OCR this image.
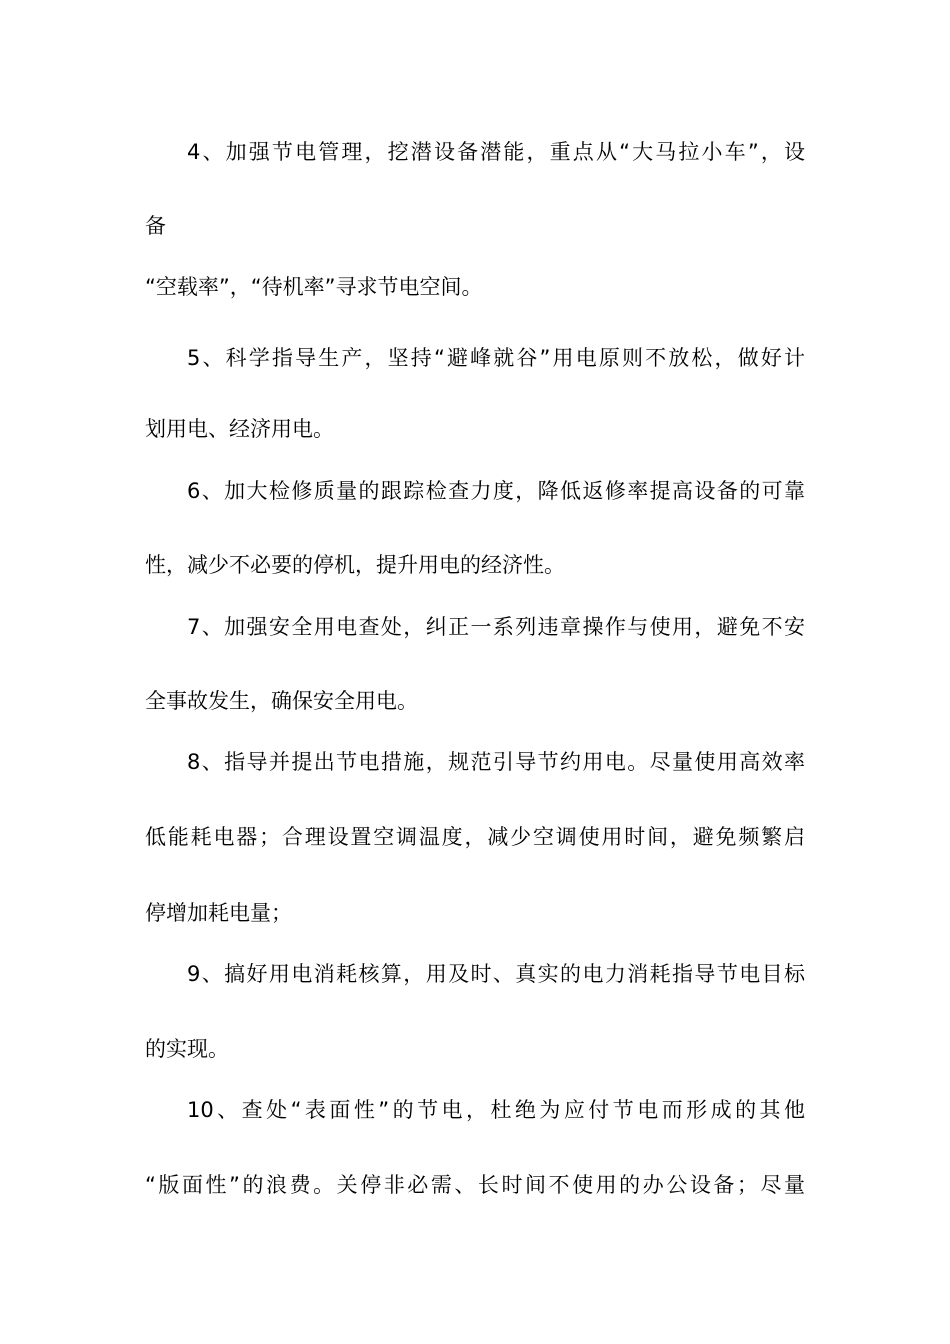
4、加强节电管理，挖潜设备潜能，重点从“大马拉小车”，设
备
“空载率”，“待机率”寻求节电空间。
5、科学指导生产，坚持“避峰就谷”用电原则不放松，做好计
划用电、经济用电。
6、加大检修质量的跟踪检查力度，降低返修率提高设备的可靠
性，减少不必要的停机，提升用电的经济性。
7、加强安全用电查处，纠正一系列违章操作与使用，避免不安
全事故发生，确保安全用电。
8、指导并提出节电措施，规范引导节约用电。尽量使用高效率
低能耗电器；合理设置空调温度，减少空调使用时间，避免频繁启
停增加耗电量；
9、搞好用电消耗核算，用及时、真实的电力消耗指导节电目标
的实现。
10、查处“表面性”的节电，杜绝为应付节电而形成的其他
“版面性”的浪费。关停非必需、长时间不使用的办公设备；尽量
